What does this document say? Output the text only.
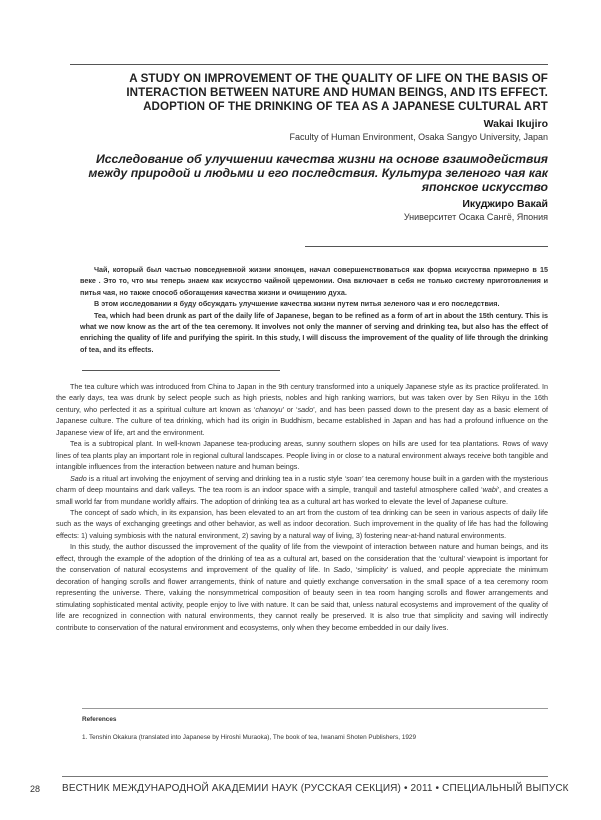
A STUDY ON IMPROVEMENT OF THE QUALITY OF LIFE ON THE BASIS OF INTERACTION BETWEEN NATURE AND HUMAN BEINGS, AND ITS EFFECT. ADOPTION OF THE DRINKING OF TEA AS A JAPANESE CULTURAL ART
Wakai Ikujiro
Faculty of Human Environment, Osaka Sangyo University, Japan
Исследование об улучшении качества жизни на основе взаимодействия между природой и людьми и его последствия. Культура зеленого чая как японское искусство
Икуджиро Вакай
Университет Осака Сангё, Япония

Чай, который был частью повседневной жизни японцев, начал совершенствоваться как форма искусства примерно в 15 веке . Это то, что мы теперь знаем как искусство чайной церемонии. Она включает в себя не только систему приготовления и питья чая, но также способ обогащения качества жизни и очищению духа.

В этом исследовании я буду обсуждать улучшение качества жизни путем питья зеленого чая и его последствия.

Tea, which had been drunk as part of the daily life of Japanese, began to be refined as a form of art in about the 15th century. This is what we now know as the art of the tea ceremony. It involves not only the manner of serving and drinking tea, but also has the effect of enriching the quality of life and purifying the spirit. In this study, I will discuss the improvement of the quality of life through the drinking of tea, and its effects.

The tea culture which was introduced from China to Japan in the 9th century transformed into a uniquely Japanese style as its practice proliferated. In the early days, tea was drunk by select people such as high priests, nobles and high ranking warriors, but was taken over by Sen Rikyu in the 16th century, who perfected it as a spiritual culture art known as ‘chanoyu’ or ‘sado’, and has been passed down to the present day as a basic element of Japanese culture. The culture of tea drinking, which had its origin in Buddhism, became established in Japan and has had a profound influence on the Japanese view of life, art and the environment.

Tea is a subtropical plant. In well-known Japanese tea-producing areas, sunny southern slopes on hills are used for tea plantations. Rows of wavy lines of tea plants play an important role in regional cultural landscapes. People living in or close to a natural environment always receive both tangible and intangible influences from the interaction between nature and human beings.

Sado is a ritual art involving the enjoyment of serving and drinking tea in a rustic style ‘soan’ tea ceremony house built in a garden with the mysterious charm of deep mountains and dark valleys. The tea room is an indoor space with a simple, tranquil and tasteful atmosphere called ‘wabi’, and creates a small world far from mundane worldly affairs. The adoption of drinking tea as a cultural art has worked to elevate the level of Japanese culture.

The concept of sado which, in its expansion, has been elevated to an art from the custom of tea drinking can be seen in various aspects of daily life such as the ways of exchanging greetings and other behavior, as well as indoor decoration. Such improvement in the quality of life has had the following effects: 1) valuing symbiosis with the natural environment, 2) saving by a natural way of living, 3) fostering near-at-hand natural environments.

In this study, the author discussed the improvement of the quality of life from the viewpoint of interaction between nature and human beings, and its effect, through the example of the adoption of the drinking of tea as a cultural art, based on the consideration that the ‘cultural’ viewpoint is important for the conservation of natural ecosystems and improvement of the quality of life. In Sado, ‘simplicity’ is valued, and people appreciate the minimum decoration of hanging scrolls and flower arrangements, think of nature and quietly exchange conversation in the small space of a tea ceremony room representing the universe. There, valuing the nonsymmetrical composition of beauty seen in tea room hanging scrolls and flower arrangements and stimulating sophisticated mental activity, people enjoy to live with nature. It can be said that, unless natural ecosystems and improvement of the quality of life are recognized in connection with natural environments, they cannot really be preserved. It is also true that simplicity and saving will indirectly contribute to conservation of the natural environment and ecosystems, only when they become embedded in our daily lives.

References
1. Tenshin Okakura (translated into Japanese by Hiroshi Muraoka), The book of tea, Iwanami Shoten Publishers, 1929
28 ВЕСТНИК МЕЖДУНАРОДНОЙ АКАДЕМИИ НАУК (РУССКАЯ СЕКЦИЯ) • 2011 • СПЕЦИАЛЬНЫЙ ВЫПУСК
